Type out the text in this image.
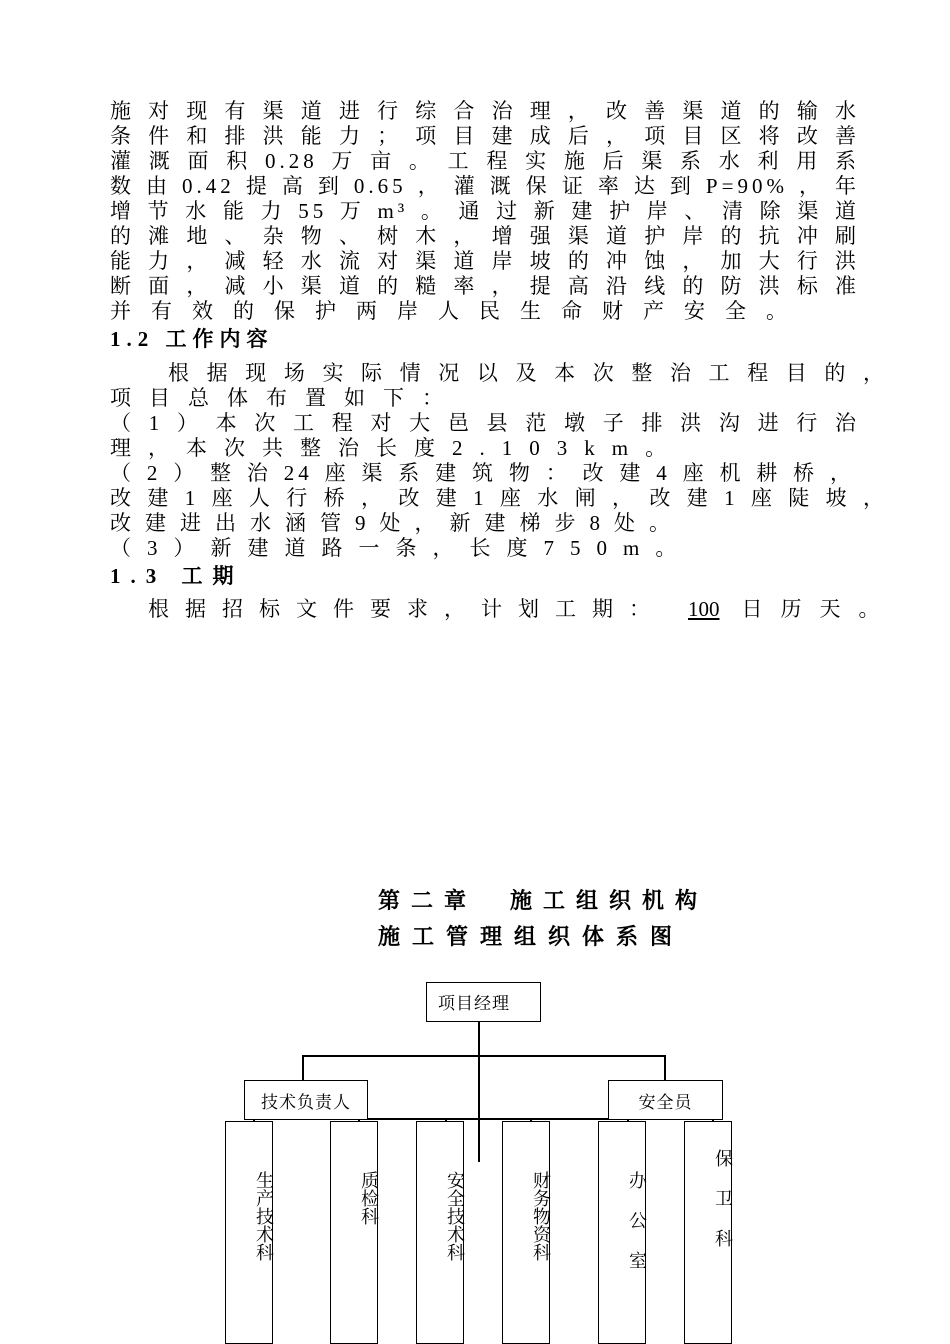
施对现有渠道进行综合治理，改善渠道的输水
条件和排洪能力；项目建成后，项目区将改善
灌溉面积0.28万亩。工程实施后渠系水利用系
数由0.42提高到0.65，灌溉保证率达到P=90%，年
增节水能力55万m³。通过新建护岸、清除渠道
的滩地、杂物、树木，增强渠道护岸的抗冲刷
能力，减轻水流对渠道岸坡的冲蚀，加大行洪
断面，减小渠道的糙率，提高沿线的防洪标准
并有效的保护两岸人民生命财产安全。
1.2 工作内容
根据现场实际情况以及本次整治工程目的，
项目总体布置如下：
（1）本次工程对大邑县范墩子排洪沟进行治
理，本次共整治长度2.103km。
（2）整治24座渠系建筑物：改建4座机耕桥，
改建1座人行桥，改建1座水闸，改建1座陡坡，
改建进出水涵管9处，新建梯步8处。
（3）新建道路一条，长度750m。
1.3 工期
根据招标文件要求，计划工期： 100 日历天。
第二章  施工组织机构
施工管理组织体系图
项目经理
技术负责人	安全员
生产技术科	质检科	安全技术科	财务物资科	办公室	保卫科
